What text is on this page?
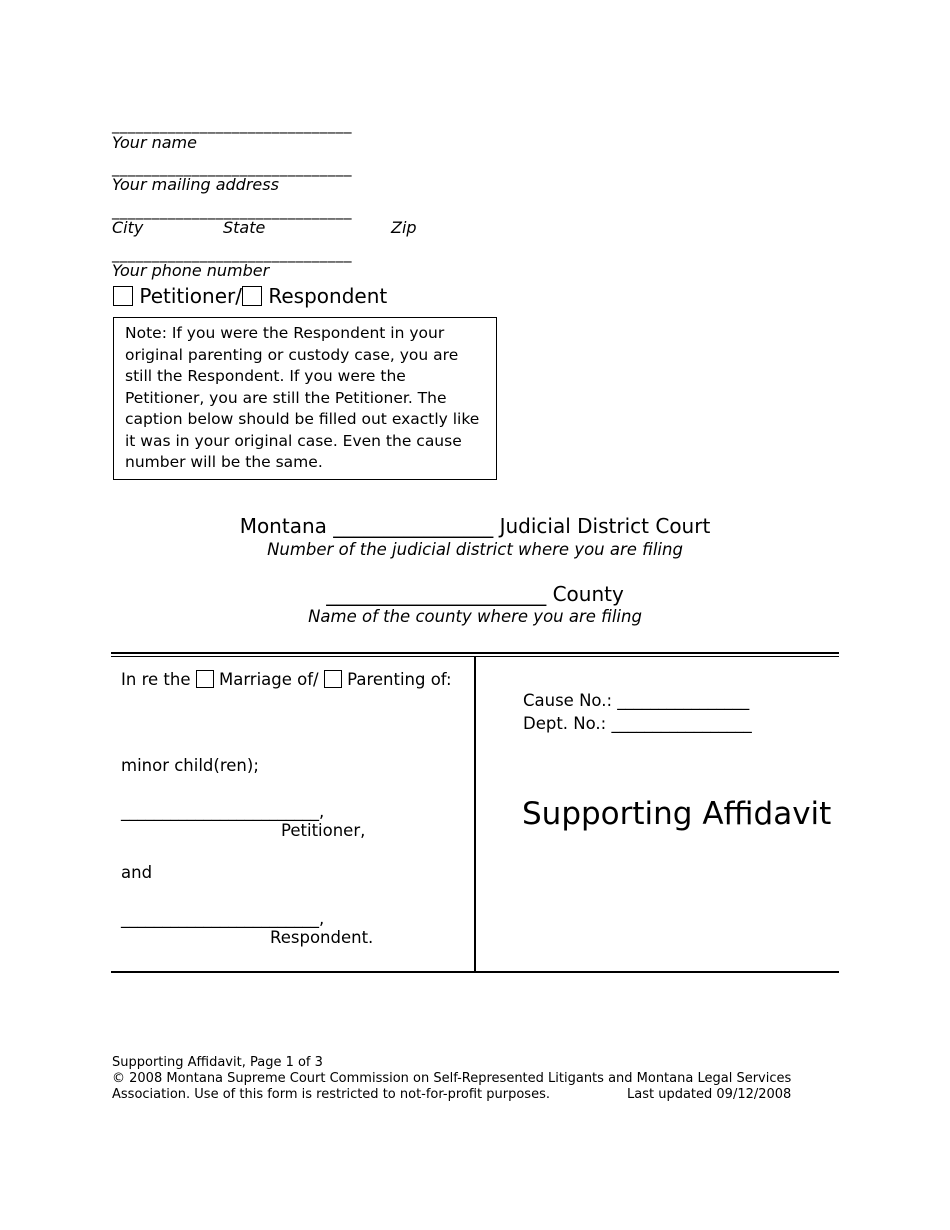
______________________________
Your name
______________________________
Your mailing address
______________________________
City	State	Zip
______________________________
Your phone number
Petitioner/ Respondent
Note: If you were the Respondent in your original parenting or custody case, you are still the Respondent. If you were the Petitioner, you are still the Petitioner. The caption below should be filled out exactly like it was in your original case. Even the cause number will be the same.
Montana ________________ Judicial District Court
Number of the judicial district where you are filing
______________________ County
Name of the county where you are filing
In re the Marriage of/ Parenting of:
minor child(ren);
________________________,
Petitioner,
and
________________________,
Respondent.
Cause No.: ________________
Dept. No.: _________________
Supporting Affidavit
Supporting Affidavit, Page 1 of 3
© 2008 Montana Supreme Court Commission on Self-Represented Litigants and Montana Legal Services
Association. Use of this form is restricted to not-for-profit purposes.	Last updated 09/12/2008
